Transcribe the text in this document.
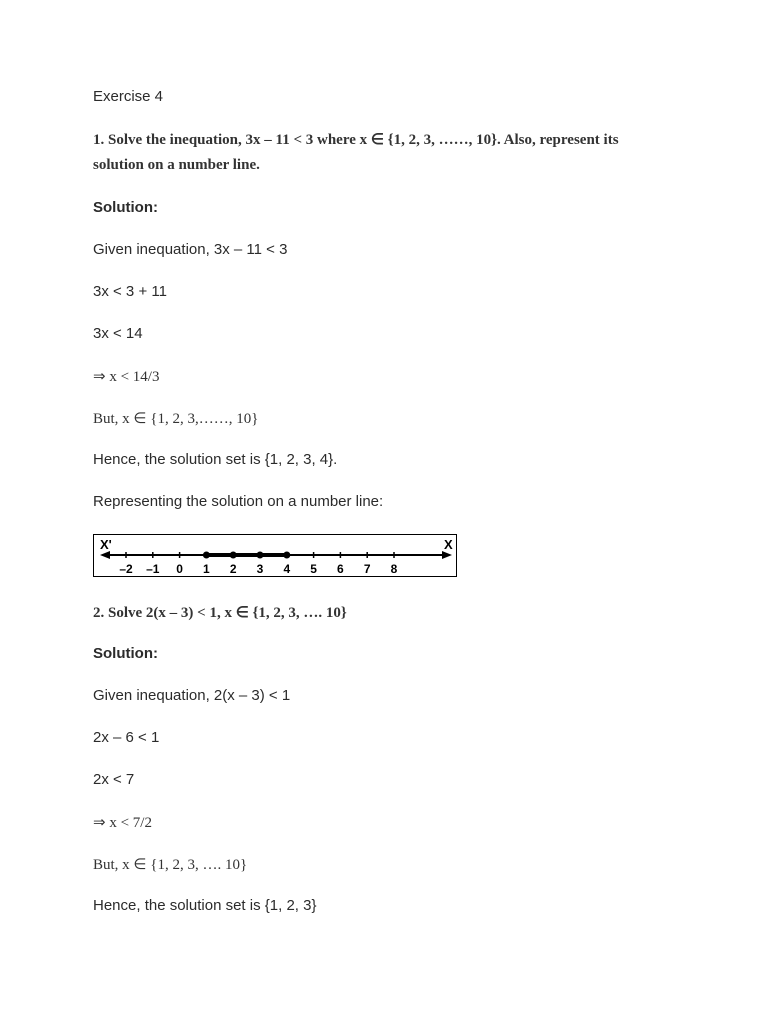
Exercise 4
1. Solve the inequation, 3x – 11 < 3 where x ∈ {1, 2, 3, ……, 10}. Also, represent its
solution on a number line.
Solution:
Given inequation, 3x – 11 < 3
3x < 3 + 11
3x < 14
⇒ x < 14/3
But, x ∈ {1, 2, 3,……, 10}
Hence, the solution set is {1, 2, 3, 4}.
Representing the solution on a number line:
X'	X
–2 –1 0 1 2 3 4 5 6 7 8
2. Solve 2(x – 3) < 1, x ∈ {1, 2, 3, …. 10}
Solution:
Given inequation, 2(x – 3) < 1
2x – 6 < 1
2x < 7
⇒ x < 7/2
But, x ∈ {1, 2, 3, …. 10}
Hence, the solution set is {1, 2, 3}
